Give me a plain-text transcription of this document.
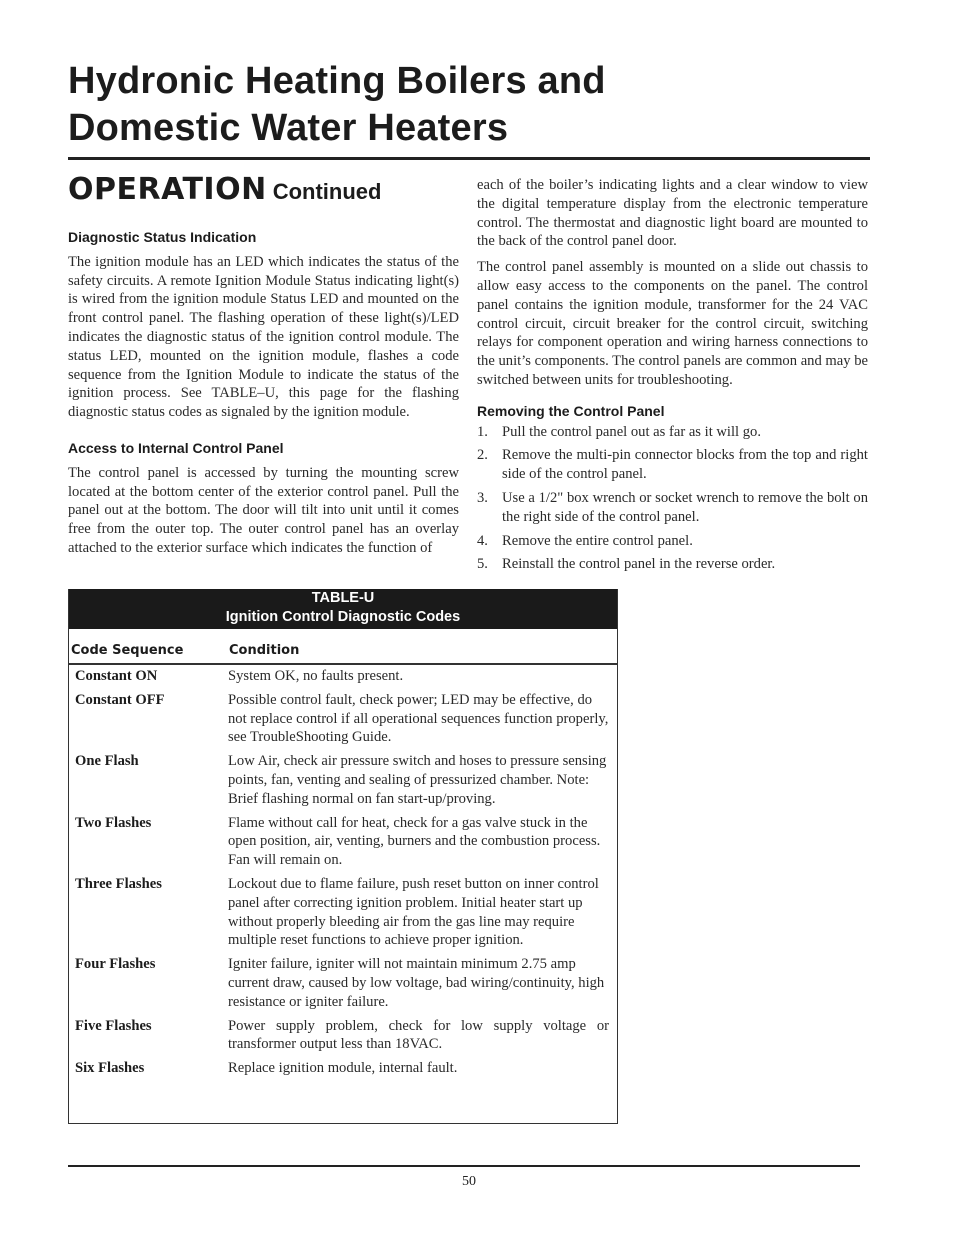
Hydronic Heating Boilers and
Domestic Water Heaters
OPERATION Continued
Diagnostic Status Indication

The ignition module has an LED which indicates the status of the safety circuits. A remote Ignition Module Status indicating light(s) is wired from the ignition module Status LED and mounted on the front control panel. The flashing operation of these light(s)/LED indicates the diagnostic status of the ignition control module. The status LED, mounted on the ignition module, flashes a code sequence from the Ignition Module to indicate the status of the ignition process. See TABLE–U, this page for the flashing diagnostic status codes as signaled by the ignition module.

Access to Internal Control Panel

The control panel is accessed by turning the mounting screw located at the bottom center of the exterior control panel. Pull the panel out at the bottom. The door will tilt into unit until it comes free from the outer top. The outer control panel has an overlay attached to the exterior surface which indicates the function of

each of the boiler’s indicating lights and a clear window to view the digital temperature display from the electronic temperature control. The thermostat and diagnostic light board are mounted to the back of the control panel door.

The control panel assembly is mounted on a slide out chassis to allow easy access to the components on the panel. The control panel contains the ignition module, transformer for the 24 VAC control circuit, circuit breaker for the control circuit, switching relays for component operation and wiring harness connections to the unit’s components. The control panels are common and may be switched between units for troubleshooting.

Removing the Control Panel
1. Pull the control panel out as far as it will go.
2. Remove the multi-pin connector blocks from the top and right side of the control panel.
3. Use a 1/2" box wrench or socket wrench to remove the bolt on the right side of the control panel.
4. Remove the entire control panel.
5. Reinstall the control panel in the reverse order.
TABLE-U
Ignition Control Diagnostic Codes
Code Sequence	Condition
Constant ON	System OK, no faults present.
Constant OFF	Possible control fault, check power; LED may be effective, do not replace control if all operational sequences function properly, see TroubleShooting Guide.
One Flash	Low Air, check air pressure switch and hoses to pressure sensing points, fan, venting and sealing of pressurized chamber. Note: Brief flashing normal on fan start-up/proving.
Two Flashes	Flame without call for heat, check for a gas valve stuck in the open position, air, venting, burners and the combustion process. Fan will remain on.
Three Flashes	Lockout due to flame failure, push reset button on inner control panel after correcting ignition problem. Initial heater start up without properly bleeding air from the gas line may require multiple reset functions to achieve proper ignition.
Four Flashes	Igniter failure, igniter will not maintain minimum 2.75 amp current draw, caused by low voltage, bad wiring/continuity, high resistance or igniter failure.
Five Flashes	Power supply problem, check for low supply voltage or transformer output less than 18VAC.
Six Flashes	Replace ignition module, internal fault.
50
